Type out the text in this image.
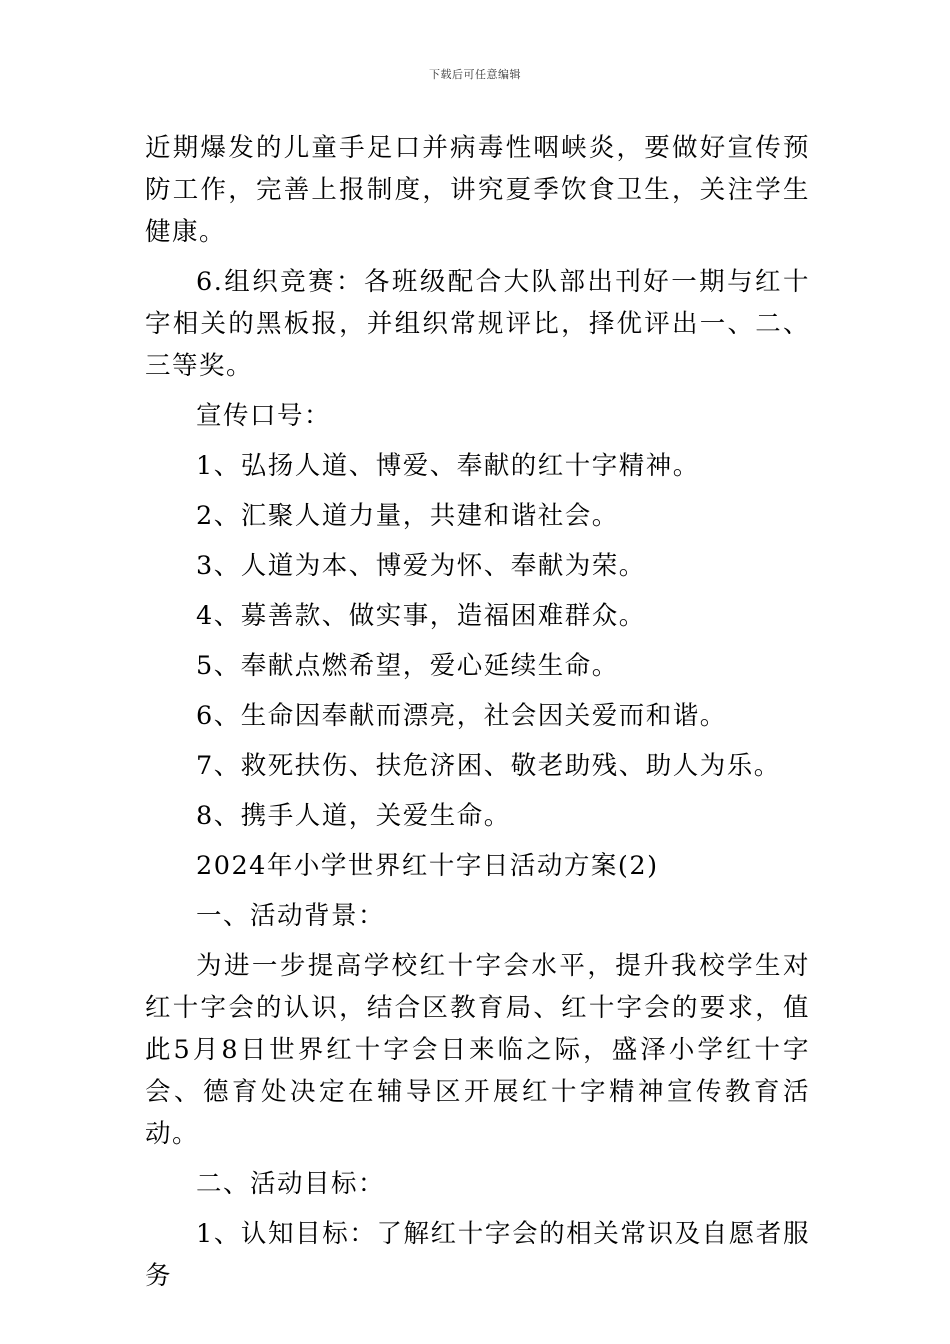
下载后可任意编辑

近期爆发的儿童手足口并病毒性咽峡炎，要做好宣传预防工作，完善上报制度，讲究夏季饮食卫生，关注学生健康。

6.组织竞赛：各班级配合大队部出刊好一期与红十字相关的黑板报，并组织常规评比，择优评出一、二、三等奖。

宣传口号：

1、弘扬人道、博爱、奉献的红十字精神。

2、汇聚人道力量，共建和谐社会。

3、人道为本、博爱为怀、奉献为荣。

4、募善款、做实事，造福困难群众。

5、奉献点燃希望，爱心延续生命。

6、生命因奉献而漂亮，社会因关爱而和谐。

7、救死扶伤、扶危济困、敬老助残、助人为乐。

8、携手人道，关爱生命。

2024年小学世界红十字日活动方案(2)

一、活动背景：

为进一步提高学校红十字会水平，提升我校学生对红十字会的认识，结合区教育局、红十字会的要求，值此5月8日世界红十字会日来临之际，盛泽小学红十字会、德育处决定在辅导区开展红十字精神宣传教育活动。

二、活动目标：

1、认知目标：了解红十字会的相关常识及自愿者服务
